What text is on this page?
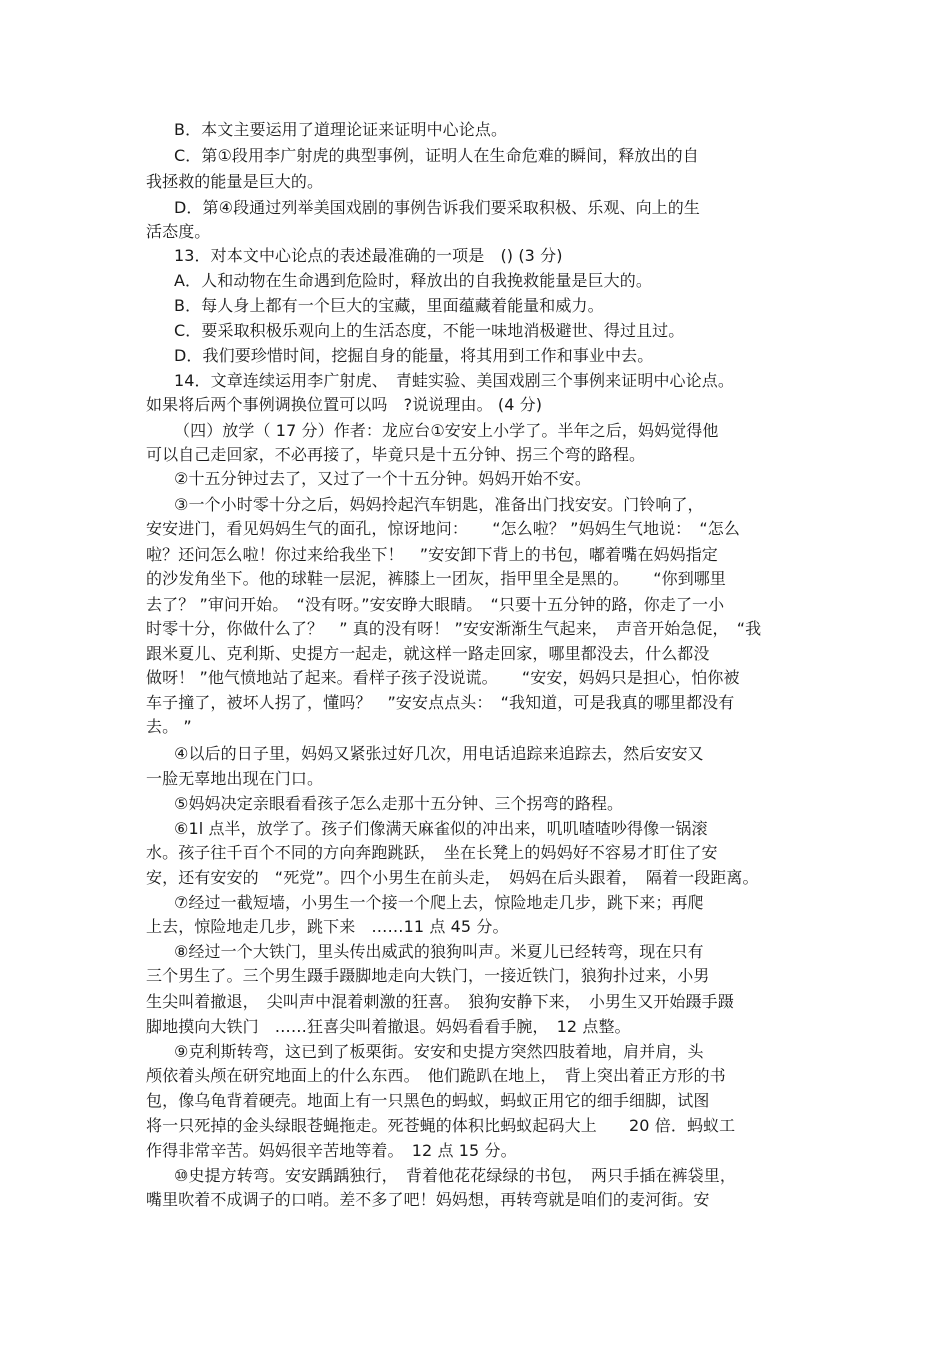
B．本文主要运用了道理论证来证明中心论点。
C．第①段用李广射虎的典型事例，证明人在生命危难的瞬间，释放出的自
我拯救的能量是巨大的。
D．第④段通过列举美国戏剧的事例告诉我们要采取积极、乐观、向上的生
活态度。
13．对本文中心论点的表述最准确的一项是　() (3 分)
A．人和动物在生命遇到危险时，释放出的自我挽救能量是巨大的。
B．每人身上都有一个巨大的宝藏，里面蕴藏着能量和威力。
C．要采取积极乐观向上的生活态度，不能一味地消极避世、得过且过。
D．我们要珍惜时间，挖掘自身的能量，将其用到工作和事业中去。
14．文章连续运用李广射虎、　青蛙实验、美国戏剧三个事例来证明中心论点。
如果将后两个事例调换位置可以吗　?说说理由。 (4 分)
（四）放学（ 17 分）作者：龙应台①安安上小学了。半年之后，妈妈觉得他
可以自己走回家，不必再接了，毕竟只是十五分钟、拐三个弯的路程。
②十五分钟过去了，又过了一个十五分钟。妈妈开始不安。
③一个小时零十分之后，妈妈拎起汽车钥匙，准备出门找安安。门铃响了，
安安进门，看见妈妈生气的面孔，惊讶地问：　　“怎么啦？ ”妈妈生气地说：　“怎么
啦？还问怎么啦！你过来给我坐下！　”安安卸下背上的书包，嘟着嘴在妈妈指定
的沙发角坐下。他的球鞋一层泥，裤膝上一团灰，指甲里全是黑的。　　“你到哪里
去了？ ”审问开始。　“没有呀。”安安睁大眼睛。　“只要十五分钟的路，你走了一小
时零十分，你做什么了？　” 真的没有呀！ ”安安渐渐生气起来，　声音开始急促，　“我
跟米夏儿、克利斯、史提方一起走，就这样一路走回家，哪里都没去，什么都没
做呀！ ”他气愤地站了起来。看样子孩子没说谎。　　“安安，妈妈只是担心，怕你被
车子撞了，被坏人拐了，懂吗？　”安安点点头：　“我知道，可是我真的哪里都没有
去。 ”
④以后的日子里，妈妈又紧张过好几次，用电话追踪来追踪去，然后安安又
一脸无辜地出现在门口。
⑤妈妈决定亲眼看看孩子怎么走那十五分钟、三个拐弯的路程。
⑥1l 点半，放学了。孩子们像满天麻雀似的冲出来，叽叽喳喳吵得像一锅滚
水。孩子往千百个不同的方向奔跑跳跃，　坐在长凳上的妈妈好不容易才盯住了安
安，还有安安的　“死党”。四个小男生在前头走，　妈妈在后头跟着，　隔着一段距离。
⑦经过一截短墙，小男生一个接一个爬上去，惊险地走几步，跳下来；再爬
上去，惊险地走几步，跳下来　……11 点 45 分。
⑧经过一个大铁门，里头传出威武的狼狗叫声。米夏儿已经转弯，现在只有
三个男生了。三个男生蹑手蹑脚地走向大铁门，一接近铁门，狼狗扑过来，小男
生尖叫着撤退，　尖叫声中混着刺激的狂喜。　狼狗安静下来，　小男生又开始蹑手蹑
脚地摸向大铁门　……狂喜尖叫着撤退。妈妈看看手腕，　12 点整。
⑨克利斯转弯，这已到了板栗街。安安和史提方突然四肢着地，肩并肩，头
颅依着头颅在研究地面上的什么东西。　他们跪趴在地上，　背上突出着正方形的书
包，像乌龟背着硬壳。地面上有一只黑色的蚂蚁，蚂蚁正用它的细手细脚，试图
将一只死掉的金头绿眼苍蝇拖走。死苍蝇的体积比蚂蚁起码大上　　20 倍．蚂蚁工
作得非常辛苦。妈妈很辛苦地等着。　12 点 15 分。
⑩史提方转弯。安安踽踽独行，　背着他花花绿绿的书包，　两只手插在裤袋里，
嘴里吹着不成调子的口哨。差不多了吧！妈妈想，再转弯就是咱们的麦河街。安
